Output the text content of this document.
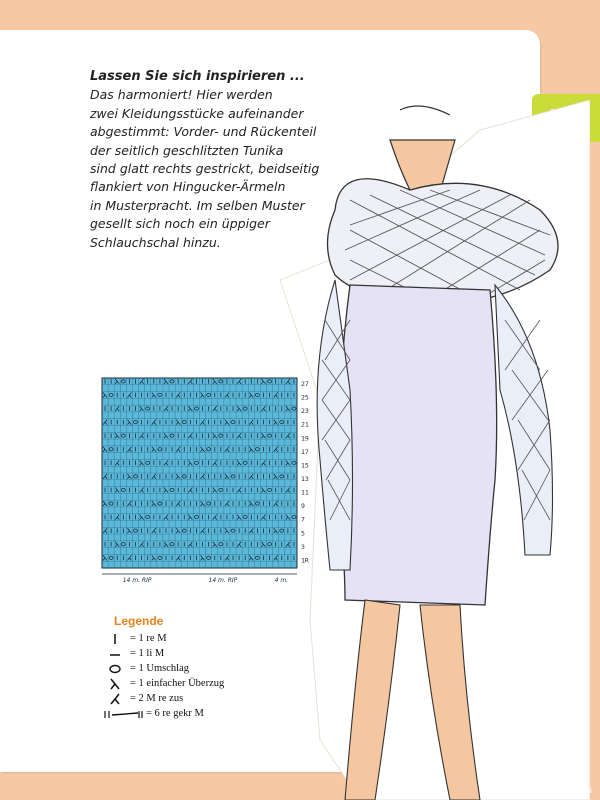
Lassen Sie sich inspirieren ...
Das harmoniert! Hier werden
zwei Kleidungsstücke aufeinander
abgestimmt: Vorder- und Rückenteil
der seitlich geschlitzten Tunika
sind glatt rechts gestrickt, beidseitig
flankiert von Hingucker-Ärmeln
in Musterpracht. Im selben Muster
gesellt sich noch ein üppiger
Schlauchschal hinzu.
27
25
23
21
19
17
15
13
11
9
7
5
3
1R
14 m. RIP	14 m. RIP	4 m.
Legende
= 1 re M
= 1 li M
= 1 Umschlag
= 1 einfacher Überzug
= 2 M re zus
= 6 re gekr M
PassionForum.ru
